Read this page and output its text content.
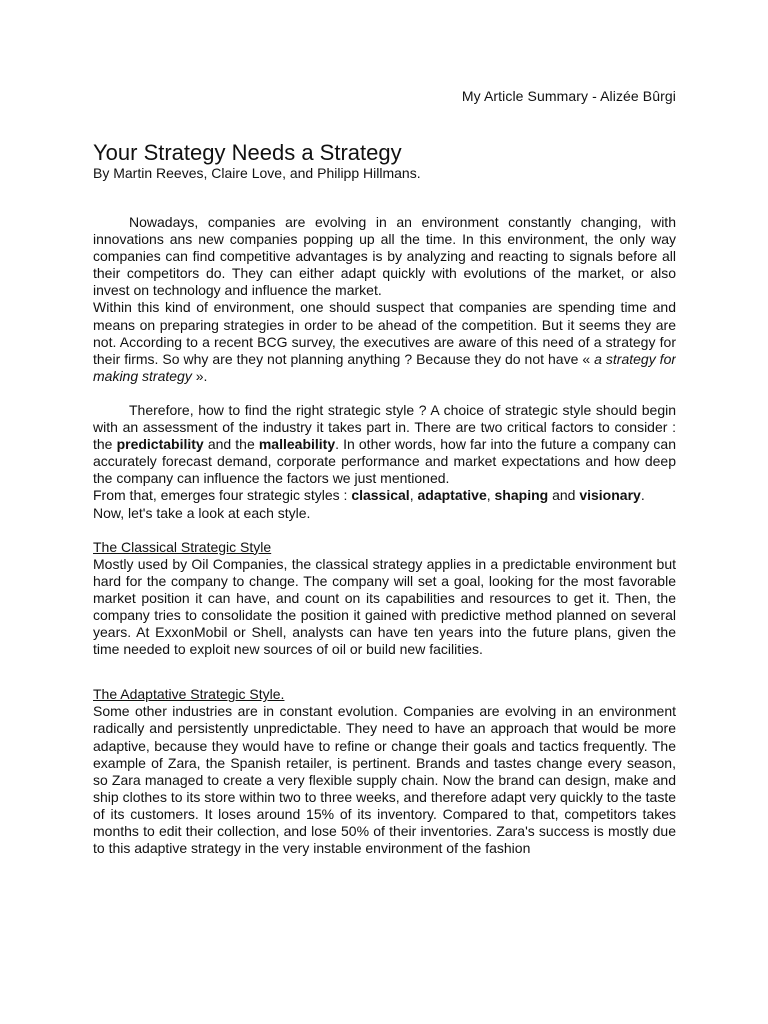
My Article Summary - Alizée Bûrgi
Your Strategy Needs a Strategy
By Martin Reeves, Claire Love, and Philipp Hillmans.

Nowadays, companies are evolving in an environment constantly changing, with innovations ans new companies popping up all the time. In this environment, the only way companies can find competitive advantages is by analyzing and reacting to signals before all their competitors do. They can either adapt quickly with evolutions of the market, or also invest on technology and influence the market.

Within this kind of environment, one should suspect that companies are spending time and means on preparing strategies in order to be ahead of the competition. But it seems they are not. According to a recent BCG survey, the executives are aware of this need of a strategy for their firms. So why are they not planning anything ? Because they do not have « a strategy for making strategy ».

Therefore, how to find the right strategic style ? A choice of strategic style should begin with an assessment of the industry it takes part in. There are two critical factors to consider : the predictability and the malleability. In other words, how far into the future a company can accurately forecast demand, corporate performance and market expectations and how deep the company can influence the factors we just mentioned.

From that, emerges four strategic styles : classical, adaptative, shaping and visionary.

Now, let's take a look at each style.

The Classical Strategic Style

Mostly used by Oil Companies, the classical strategy applies in a predictable environment but hard for the company to change. The company will set a goal, looking for the most favorable market position it can have, and count on its capabilities and resources to get it. Then, the company tries to consolidate the position it gained with predictive method planned on several years. At ExxonMobil or Shell, analysts can have ten years into the future plans, given the time needed to exploit new sources of oil or build new facilities.

The Adaptative Strategic Style.

Some other industries are in constant evolution. Companies are evolving in an environment radically and persistently unpredictable. They need to have an approach that would be more adaptive, because they would have to refine or change their goals and tactics frequently. The example of Zara, the Spanish retailer, is pertinent. Brands and tastes change every season, so Zara managed to create a very flexible supply chain. Now the brand can design, make and ship clothes to its store within two to three weeks, and therefore adapt very quickly to the taste of its customers. It loses around 15% of its inventory. Compared to that, competitors takes months to edit their collection, and lose 50% of their inventories. Zara's success is mostly due to this adaptive strategy in the very instable environment of the fashion
